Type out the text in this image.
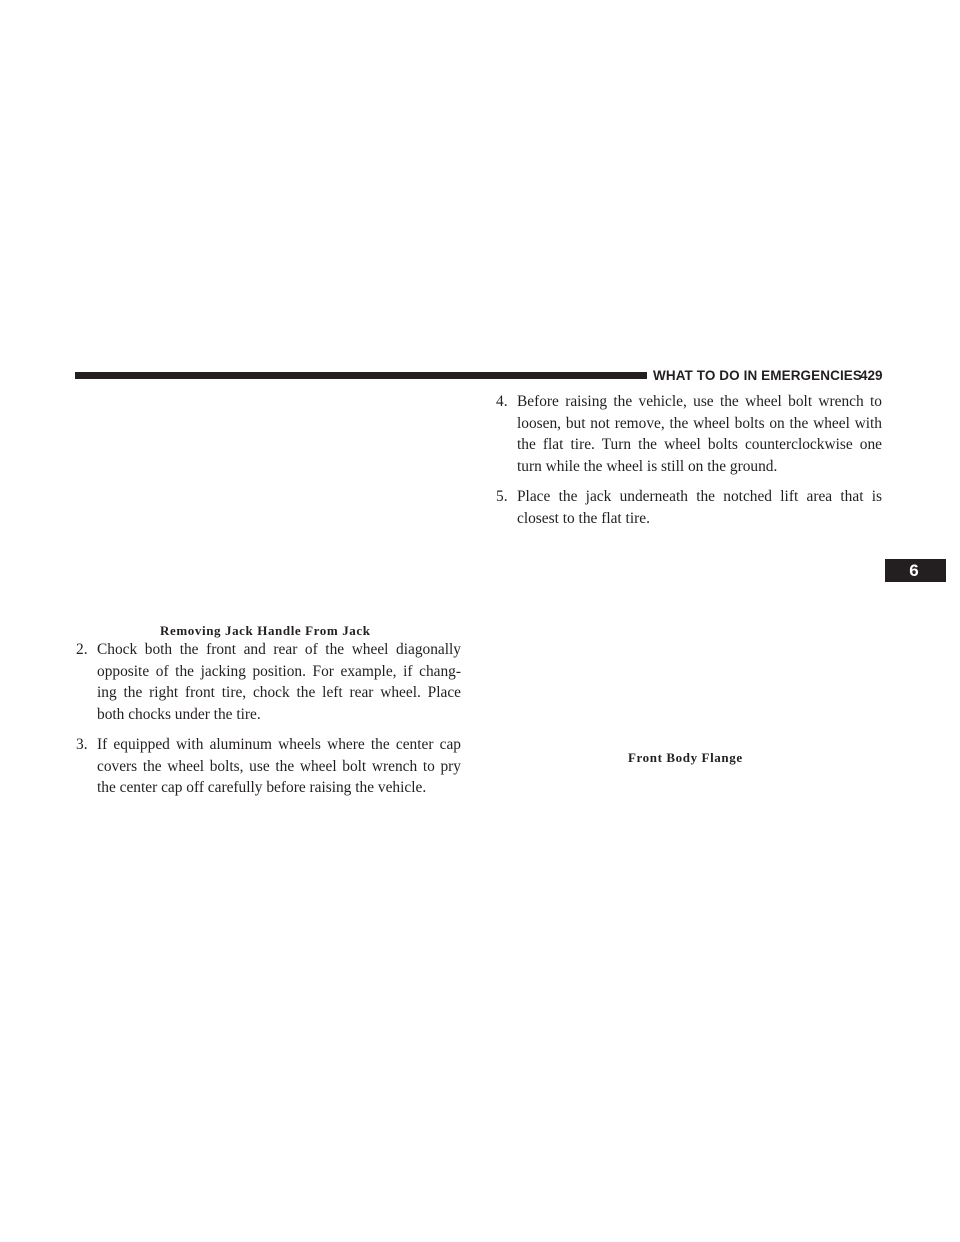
WHAT TO DO IN EMERGENCIES
429
6
Removing Jack Handle From Jack
2. Chock both the front and rear of the wheel diagonally opposite of the jacking position. For example, if chang- ing the right front tire, chock the left rear wheel. Place both chocks under the tire.
3. If equipped with aluminum wheels where the center cap covers the wheel bolts, use the wheel bolt wrench to pry the center cap off carefully before raising the vehicle.
4. Before raising the vehicle, use the wheel bolt wrench to loosen, but not remove, the wheel bolts on the wheel with the flat tire. Turn the wheel bolts counterclockwise one turn while the wheel is still on the ground.
5. Place the jack underneath the notched lift area that is closest to the flat tire.
Front Body Flange
